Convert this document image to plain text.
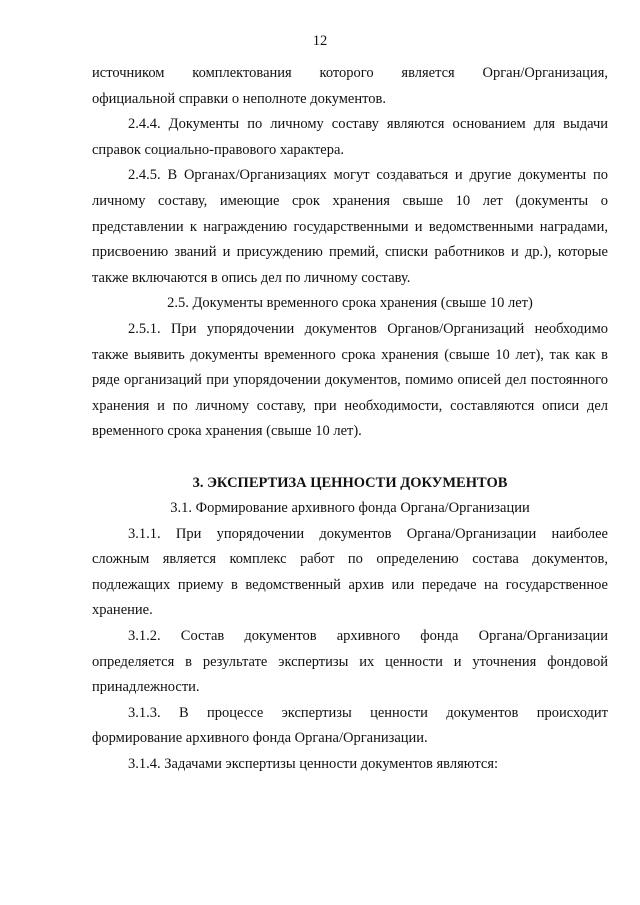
12

источником комплектования которого является Орган/Организация,

официальной справки о неполноте документов.

2.4.4. Документы по личному составу являются основанием для выдачи справок социально-правового характера.

2.4.5. В Органах/Организациях могут создаваться и другие документы по личному составу, имеющие срок хранения свыше 10 лет (документы о представлении к награждению государственными и ведомственными наградами, присвоению званий и присуждению премий, списки работников и др.), которые также включаются в опись дел по личному составу.

2.5. Документы временного срока хранения (свыше 10 лет)

2.5.1. При упорядочении документов Органов/Организаций необходимо также выявить документы временного срока хранения (свыше 10 лет), так как в ряде организаций при упорядочении документов, помимо описей дел постоянного хранения и по личному составу, при необходимости, составляются описи дел временного срока хранения (свыше 10 лет).

3. ЭКСПЕРТИЗА ЦЕННОСТИ ДОКУМЕНТОВ

3.1. Формирование архивного фонда Органа/Организации

3.1.1. При упорядочении документов Органа/Организации наиболее сложным является комплекс работ по определению состава документов, подлежащих приему в ведомственный архив или передаче на государственное хранение.

3.1.2. Состав документов архивного фонда Органа/Организации определяется в результате экспертизы их ценности и уточнения фондовой принадлежности.

3.1.3. В процессе экспертизы ценности документов происходит формирование архивного фонда Органа/Организации.

3.1.4. Задачами экспертизы ценности документов являются:
